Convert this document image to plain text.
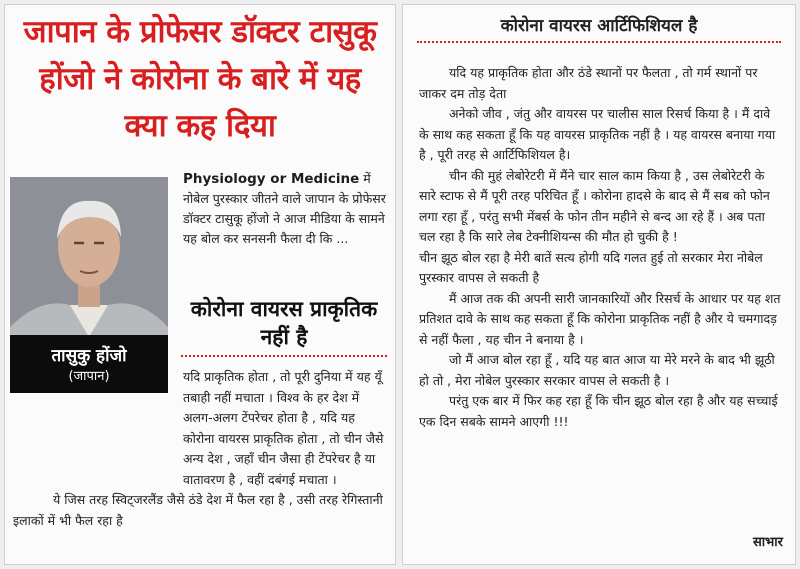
जापान के प्रोफेसर डॉक्टर टासुकू होंजो ने कोरोना के बारे में यह क्या कह दिया
तासुकु होंजो
(जापान)
Physiology or Medicine में नोबेल पुरस्कार जीतने वाले जापान के प्रोफेसर डॉक्टर टासुकू होंजो ने आज मीडिया के सामने यह बोल कर सनसनी फैला दी कि ...
कोरोना वायरस प्राकृतिक नहीं है
यदि प्राकृतिक होता , तो पूरी दुनिया में यह यूँ तबाही नहीं मचाता । विश्व के हर देश में अलग-अलग टेंपरेचर होता है , यदि यह कोरोना वायरस प्राकृतिक होता , तो चीन जैसे अन्य देश , जहाँ चीन जैसा ही टेंपरेचर है या वातावरण है , वहीं दबंगई मचाता ।
ये जिस तरह स्विट्जरलैंड जैसे ठंडे देश में फैल रहा है , उसी तरह रेगिस्तानी इलाकों में भी फैल रहा है
कोरोना वायरस आर्टिफिशियल है

यदि यह प्राकृतिक होता और ठंडे स्थानों पर फैलता , तो गर्म स्थानों पर जाकर दम तोड़ देता

अनेको जीव , जंतु और वायरस पर चालीस साल रिसर्च किया है । मैं दावे के साथ कह सकता हूँ कि यह वायरस प्राकृतिक नहीं है । यह वायरस बनाया गया है , पूरी तरह से आर्टिफिशियल है।

चीन की मुहं लेबोरेटरी में मैंने चार साल काम किया है , उस लेबोरेटरी के सारे स्टाफ से मैं पूरी तरह परिचित हूँ । कोरोना हादसे के बाद से मैं सब को फोन लगा रहा हूँ , परंतु सभी मेंबर्स के फोन तीन महीने से बन्द आ रहे हैं । अब पता चल रहा है कि सारे लेब टेक्नीशियन्स की मौत हो चुकी है !

चीन झूठ बोल रहा है मेरी बातें सत्य होगी यदि गलत हुई तो सरकार मेरा नोबेल पुरस्कार वापस ले सकती है

मैं आज तक की अपनी सारी जानकारियों और रिसर्च के आधार पर यह शत प्रतिशत दावे के साथ कह सकता हूँ कि कोरोना प्राकृतिक नहीं है और ये चमगादड़ से नहीं फैला , यह चीन ने बनाया है ।

जो मैं आज बोल रहा हूँ , यदि यह बात आज या मेरे मरने के बाद भी झूठी हो तो , मेरा नोबेल पुरस्कार सरकार वापस ले सकती है ।

परंतु एक बार में फिर कह रहा हूँ कि चीन झूठ बोल रहा है और यह सच्चाई एक दिन सबके सामने आएगी !!!

साभार
